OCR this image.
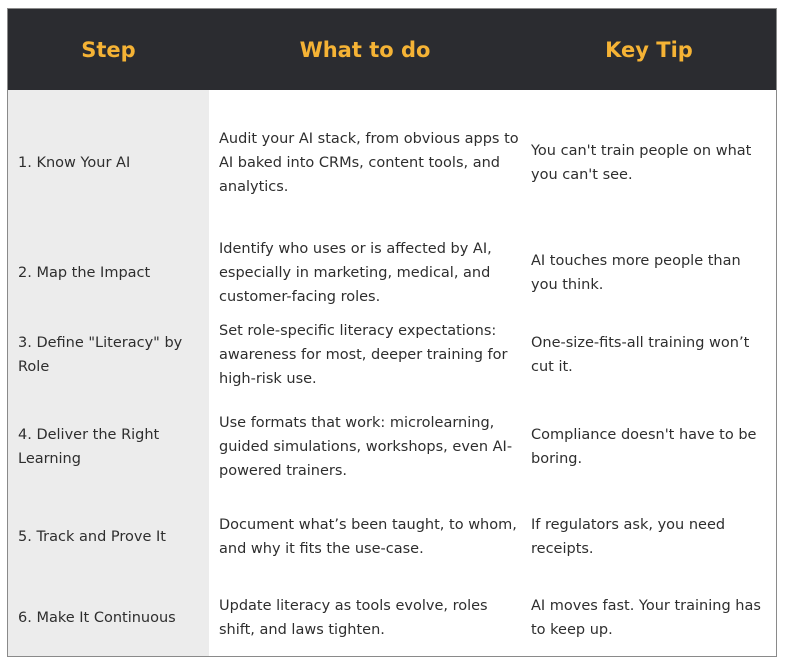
Step	What to do	Key Tip
1. Know Your AI
Audit your AI stack, from obvious apps to AI baked into CRMs, content tools, and analytics.
You can't train people on what you can't see.
2. Map the Impact
Identify who uses or is affected by AI, especially in marketing, medical, and customer-facing roles.
AI touches more people than you think.
3. Define "Literacy" by Role
Set role-specific literacy expectations: awareness for most, deeper training for high-risk use.
One-size-fits-all training won’t cut it.
4. Deliver the Right Learning
Use formats that work: microlearning, guided simulations, workshops, even AI-powered trainers.
Compliance doesn't have to be boring.
5. Track and Prove It
Document what’s been taught, to whom, and why it fits the use-case.
If regulators ask, you need receipts.
6. Make It Continuous
Update literacy as tools evolve, roles shift, and laws tighten.
AI moves fast. Your training has to keep up.
